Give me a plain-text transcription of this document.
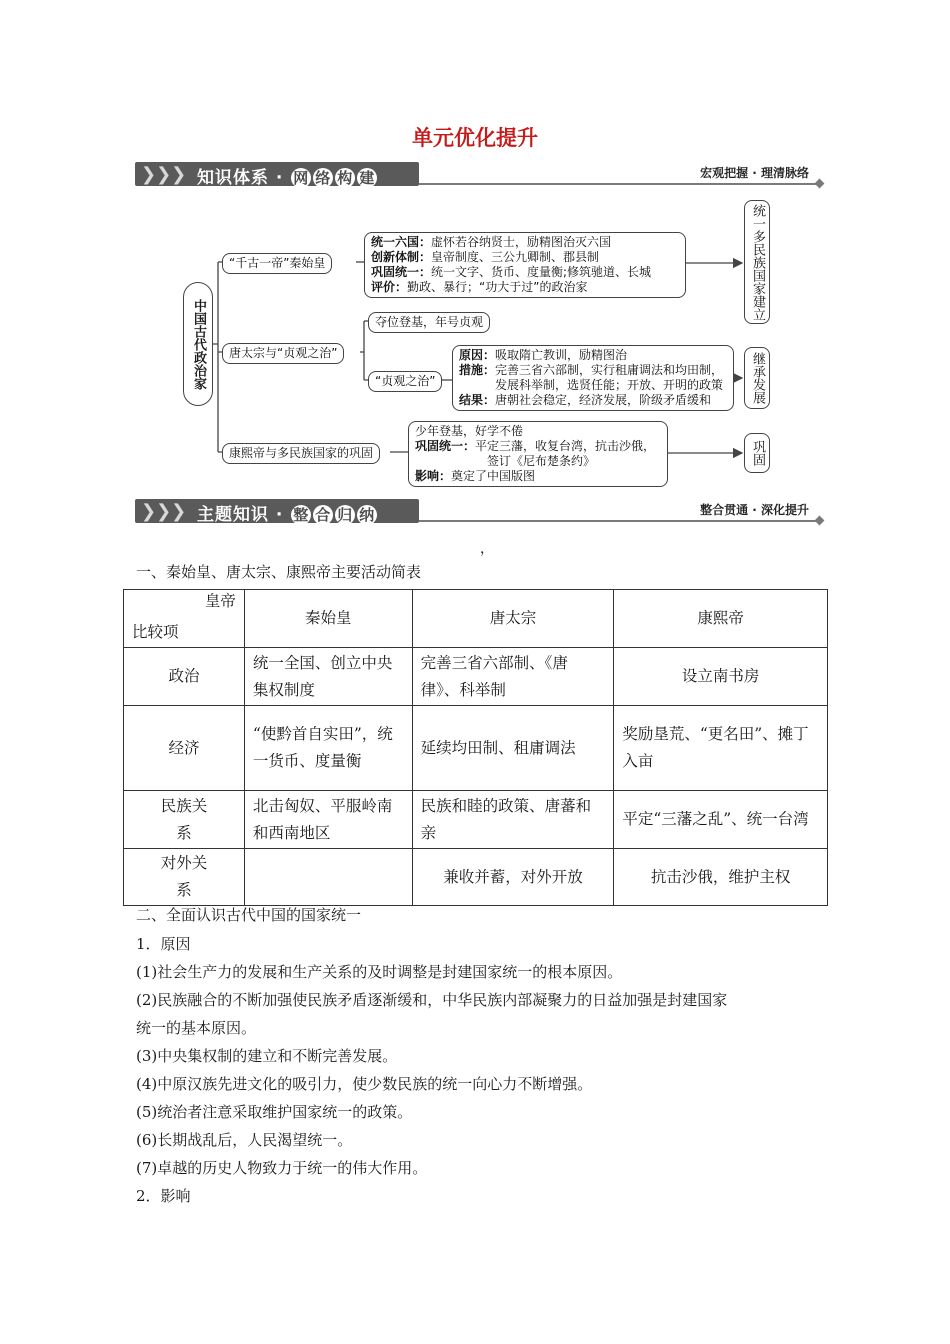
单元优化提升
❯❯❯ 知识体系 · 网 络 构 建	宏观把握 · 理清脉络
中国古代政治家
“千古一帝”秦始皇
唐太宗与“贞观之治”
康熙帝与多民族国家的巩固
统一六国：虚怀若谷纳贤士，励精图治灭六国
创新体制：皇帝制度、三公九卿制、郡县制
巩固统一：统一文字、货币、度量衡;修筑驰道、长城
评价：勤政、暴行；“功大于过”的政治家
夺位登基，年号贞观
“贞观之治”
原因：吸取隋亡教训，励精图治
措施：完善三省六部制，实行租庸调法和均田制，
发展科举制，选贤任能；开放、开明的政策
结果：唐朝社会稳定，经济发展，阶级矛盾缓和
少年登基，好学不倦
巩固统一：平定三藩，收复台湾，抗击沙俄，
签订《尼布楚条约》
影响：奠定了中国版图
统一多民族国家建立
继承发展
巩固
❯❯❯ 主题知识 · 整 合 归 纳	整合贯通 · 深化提升
，
一、秦始皇、唐太宗、康熙帝主要活动简表
皇帝
比较项	秦始皇	唐太宗	康熙帝
政治	统一全国、创立中央集权制度	完善三省六部制、《唐律》、科举制	设立南书房
经济	“使黔首自实田”，统一货币、度量衡	延续均田制、租庸调法	奖励垦荒、“更名田”、摊丁入亩
民族关系	北击匈奴、平服岭南和西南地区	民族和睦的政策、唐蕃和亲	平定“三藩之乱”、统一台湾
对外关系		兼收并蓄，对外开放	抗击沙俄，维护主权
二、全面认识古代中国的国家统一
1．原因
(1)社会生产力的发展和生产关系的及时调整是封建国家统一的根本原因。
(2)民族融合的不断加强使民族矛盾逐渐缓和，中华民族内部凝聚力的日益加强是封建国家
统一的基本原因。
(3)中央集权制的建立和不断完善发展。
(4)中原汉族先进文化的吸引力，使少数民族的统一向心力不断增强。
(5)统治者注意采取维护国家统一的政策。
(6)长期战乱后，人民渴望统一。
(7)卓越的历史人物致力于统一的伟大作用。
2．影响
